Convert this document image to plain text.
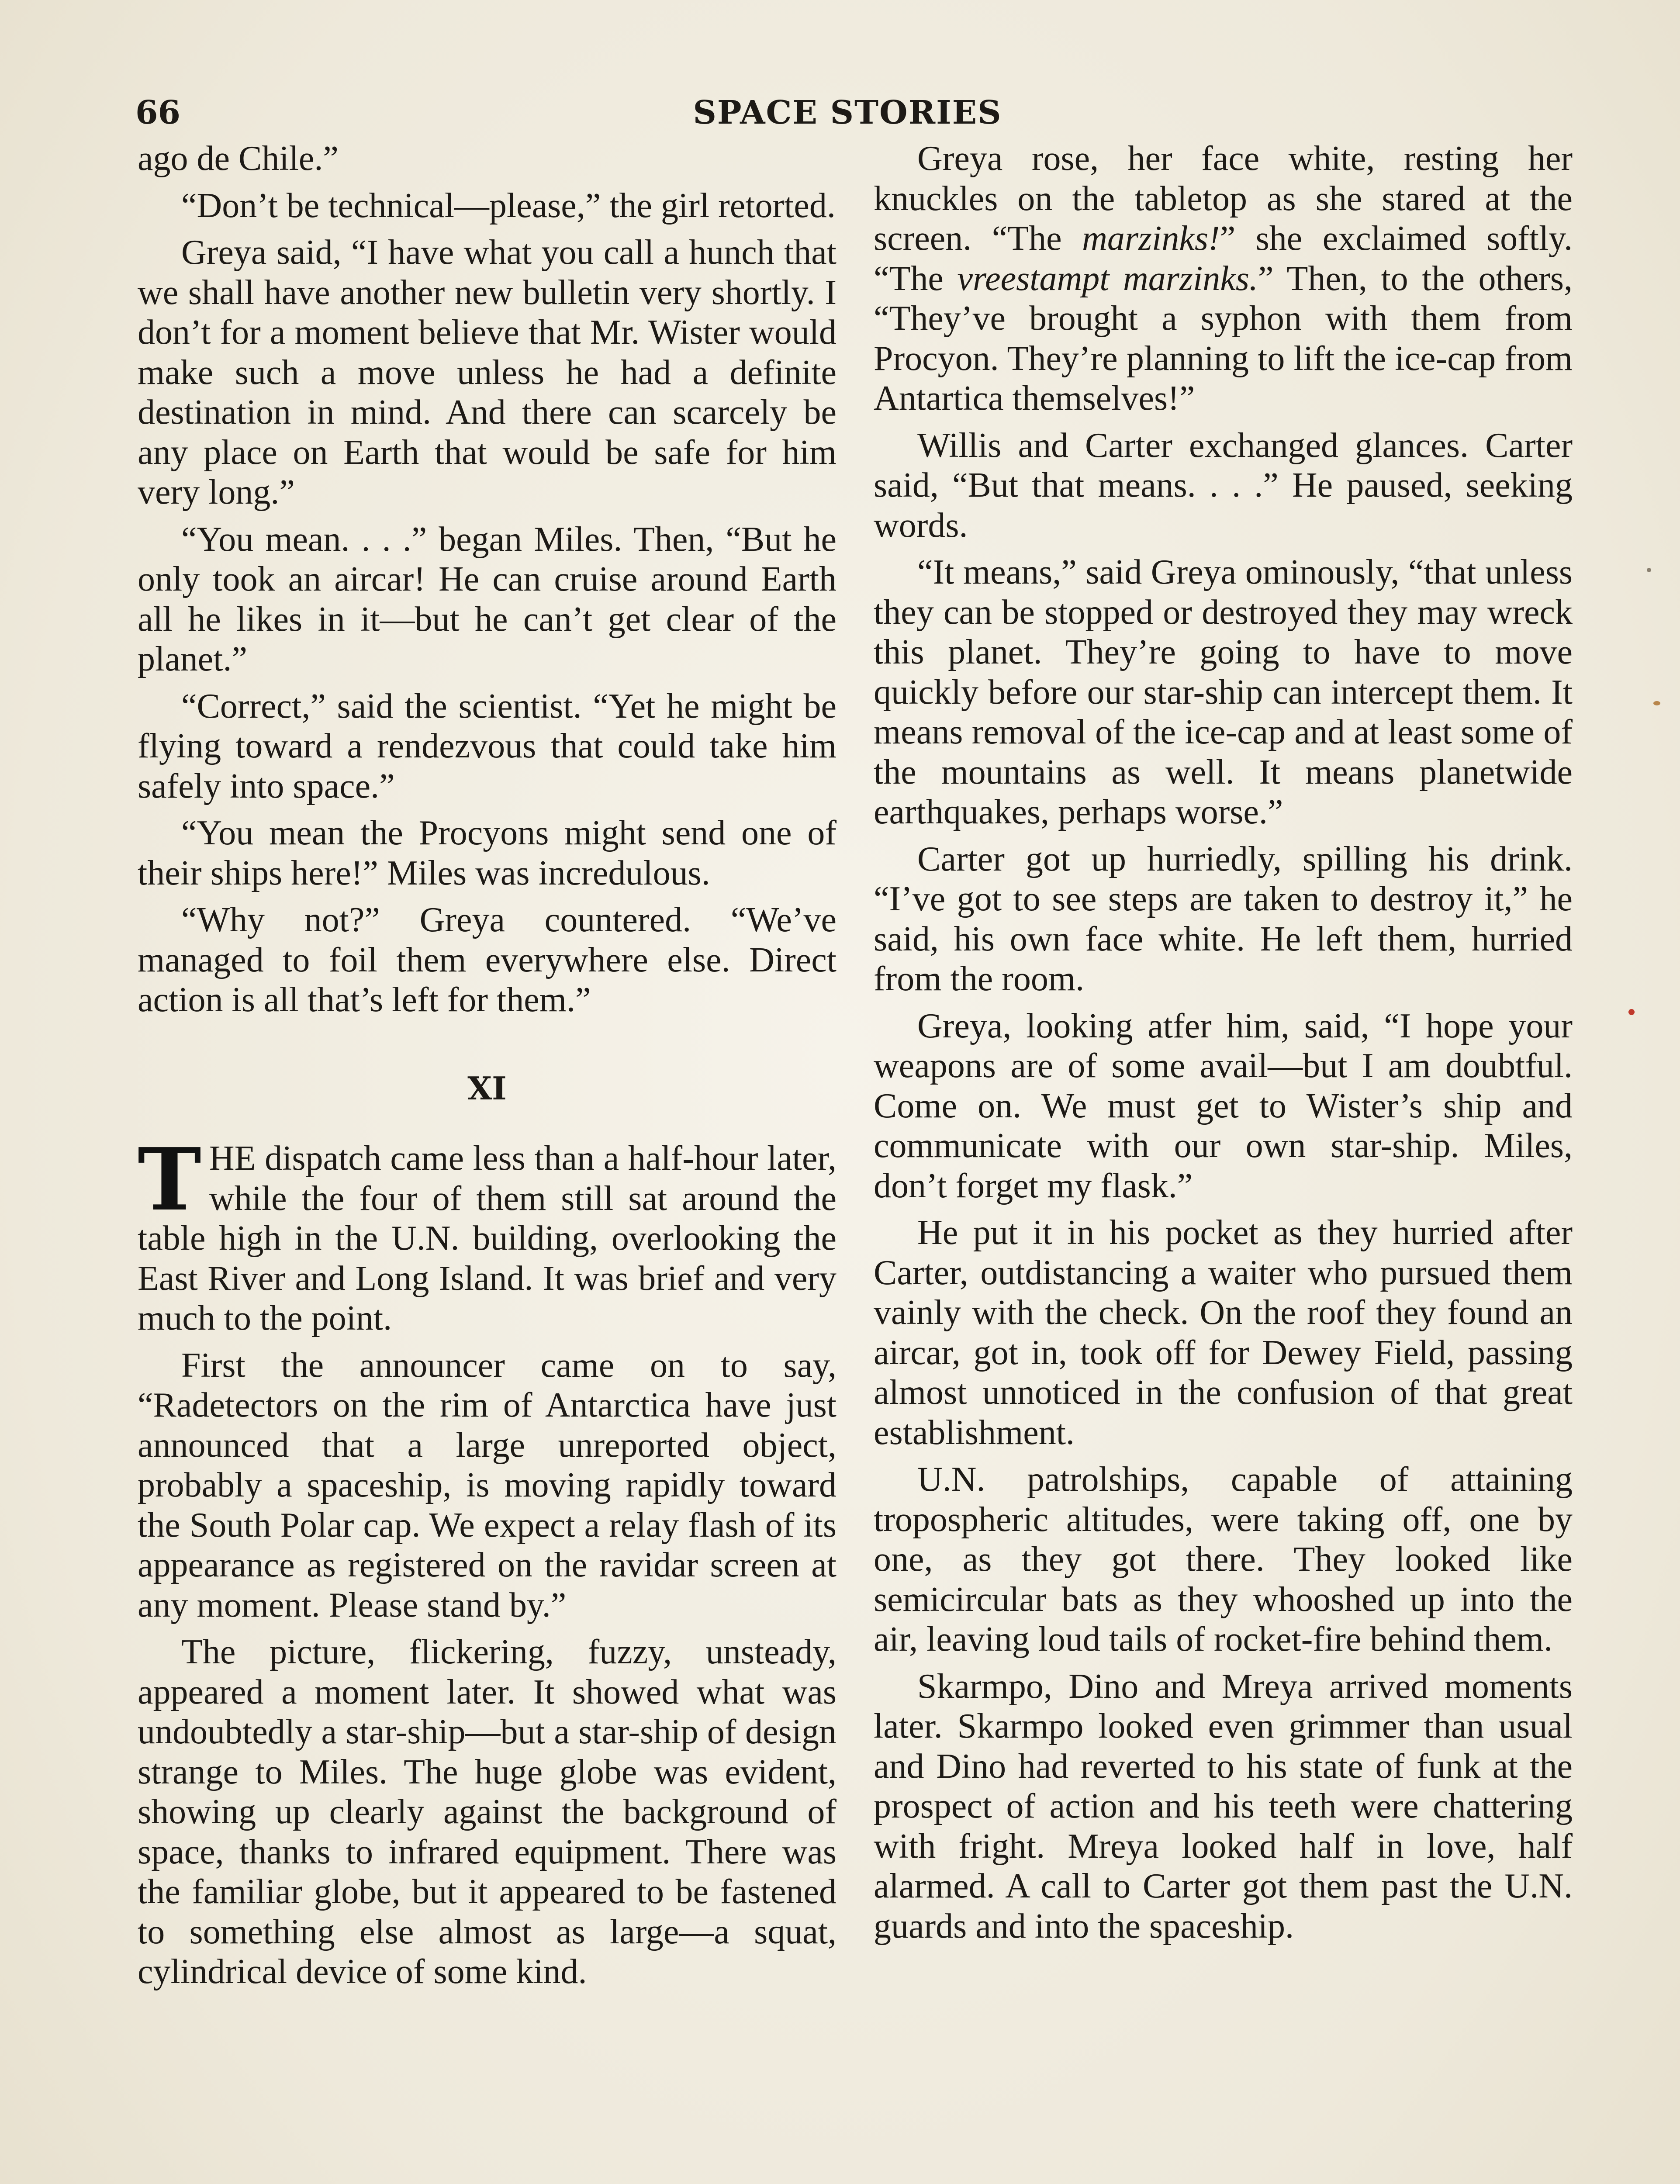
66	SPACE STORIES

ago de Chile.”

“Don’t be technical—please,” the girl retorted.

Greya said, “I have what you call a hunch that we shall have another new bulletin very shortly. I don’t for a moment believe that Mr. Wister would make such a move unless he had a definite destination in mind. And there can scarcely be any place on Earth that would be safe for him very long.”

“You mean. . . .” began Miles. Then, “But he only took an aircar! He can cruise around Earth all he likes in it—but he can’t get clear of the planet.”

“Correct,” said the scientist. “Yet he might be flying toward a rendezvous that could take him safely into space.”

“You mean the Procyons might send one of their ships here!” Miles was incredulous.

“Why not?” Greya countered. “We’ve managed to foil them everywhere else. Direct action is all that’s left for them.”

XI

T HE dispatch came less than a half-hour later, while the four of them still sat around the table high in the U.N. building, overlooking the East River and Long Island. It was brief and very much to the point.

First the announcer came on to say, “Radetectors on the rim of Antarctica have just announced that a large unreported object, probably a spaceship, is moving rapidly toward the South Polar cap. We expect a relay flash of its appearance as registered on the ravidar screen at any moment. Please stand by.”

The picture, flickering, fuzzy, unsteady, appeared a moment later. It showed what was undoubtedly a star-ship—but a star-ship of design strange to Miles. The huge globe was evident, showing up clearly against the background of space, thanks to infrared equipment. There was the familiar globe, but it appeared to be fastened to something else almost as large—a squat, cylindrical device of some kind.

Greya rose, her face white, resting her knuckles on the tabletop as she stared at the screen. “The marzinks!” she exclaimed softly. “The vreestampt marzinks.” Then, to the others, “They’ve brought a syphon with them from Procyon. They’re planning to lift the ice-cap from Antartica themselves!”

Willis and Carter exchanged glances. Carter said, “But that means. . . .” He paused, seeking words.

“It means,” said Greya ominously, “that unless they can be stopped or destroyed they may wreck this planet. They’re going to have to move quickly before our star-ship can intercept them. It means removal of the ice-cap and at least some of the mountains as well. It means planetwide earthquakes, perhaps worse.”

Carter got up hurriedly, spilling his drink. “I’ve got to see steps are taken to destroy it,” he said, his own face white. He left them, hurried from the room.

Greya, looking atfer him, said, “I hope your weapons are of some avail—but I am doubtful. Come on. We must get to Wister’s ship and communicate with our own star-ship. Miles, don’t forget my flask.”

He put it in his pocket as they hurried after Carter, outdistancing a waiter who pursued them vainly with the check. On the roof they found an aircar, got in, took off for Dewey Field, passing almost unnoticed in the confusion of that great establishment.

U.N. patrolships, capable of attaining tropospheric altitudes, were taking off, one by one, as they got there. They looked like semicircular bats as they whooshed up into the air, leaving loud tails of rocket-fire behind them.

Skarmpo, Dino and Mreya arrived moments later. Skarmpo looked even grimmer than usual and Dino had reverted to his state of funk at the prospect of action and his teeth were chattering with fright. Mreya looked half in love, half alarmed. A call to Carter got them past the U.N. guards and into the spaceship.
